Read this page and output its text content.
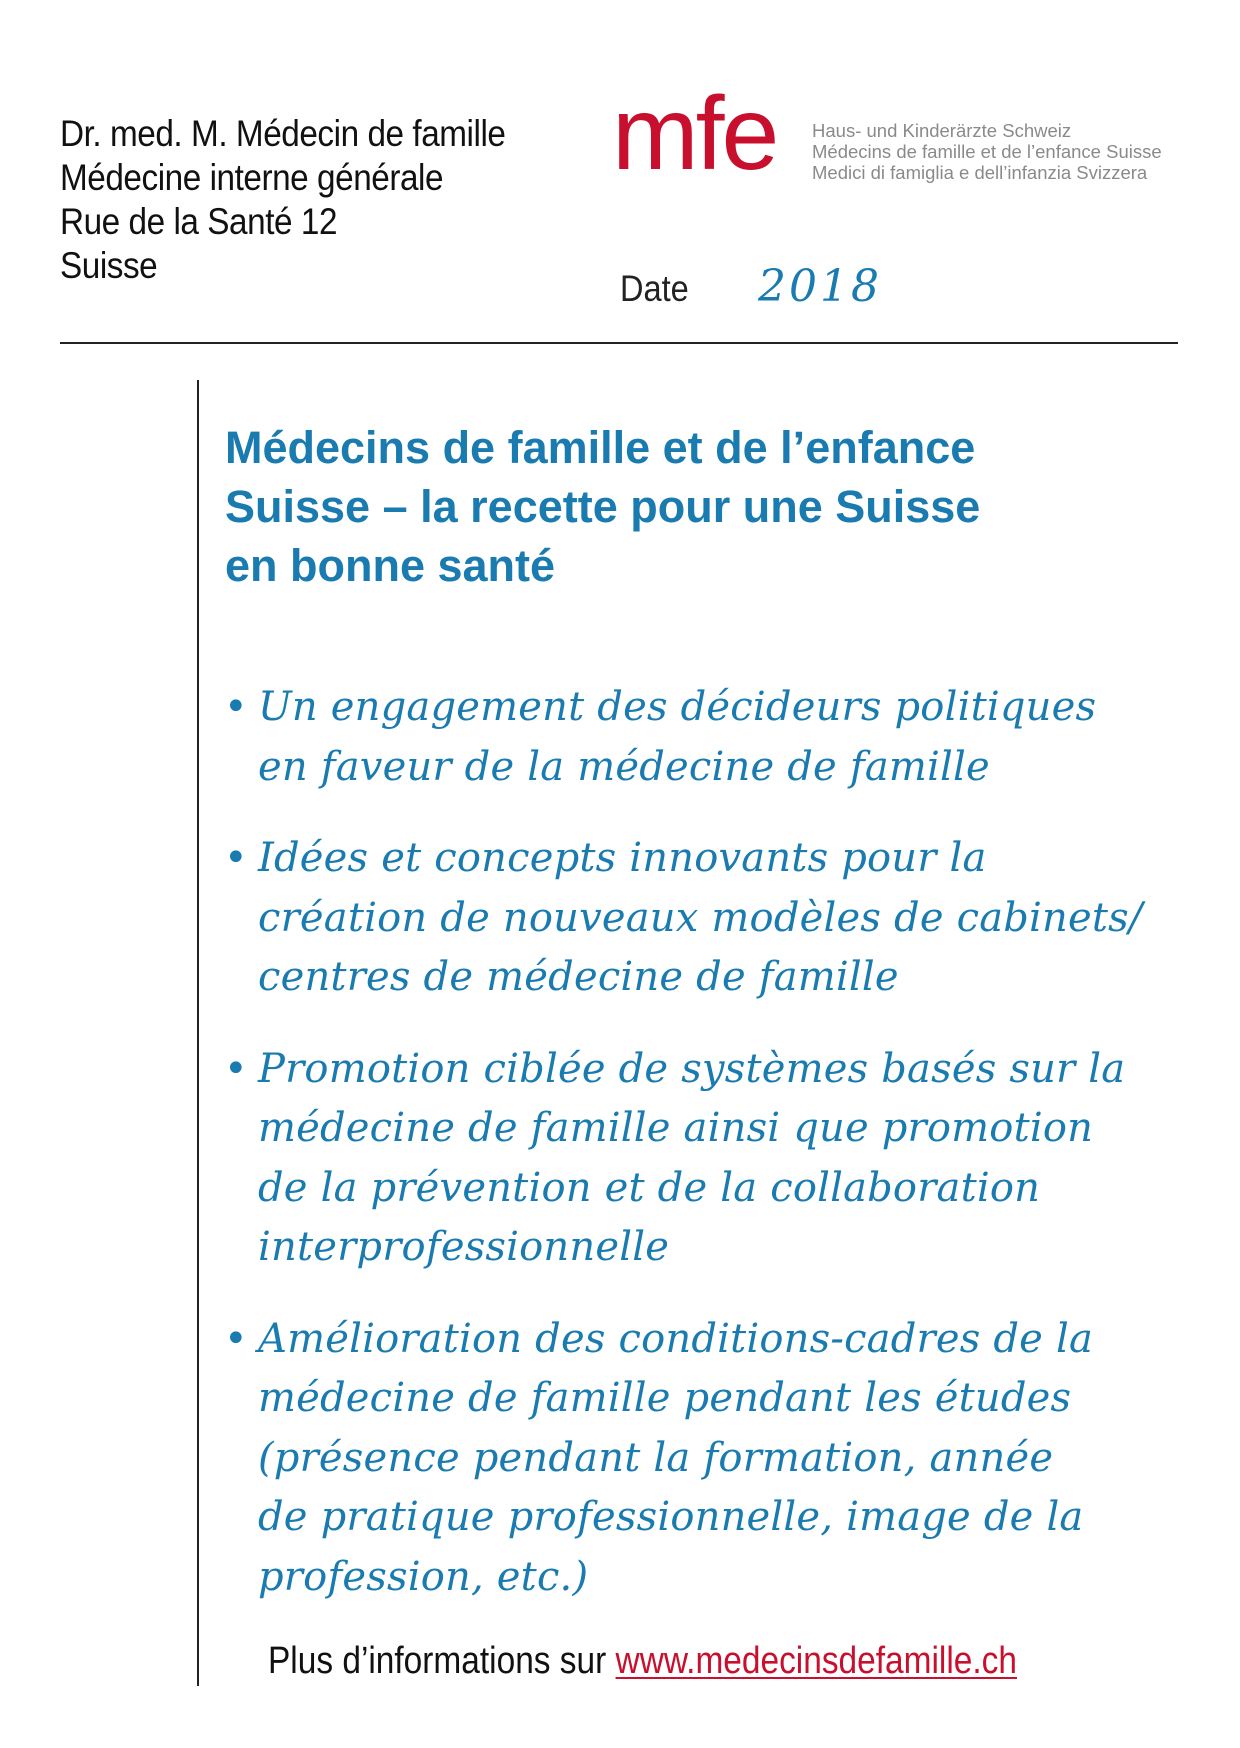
Dr. med. M. Médecin de famille
Médecine interne générale
Rue de la Santé 12
Suisse
mfe Haus- und Kinderärzte Schweiz
Médecins de famille et de l’enfance Suisse
Medici di famiglia e dell’infanzia Svizzera
Date 2018
Médecins de famille et de l’enfance
Suisse – la recette pour une Suisse
en bonne santé
• Un engagement des décideurs politiques
en faveur de la médecine de famille
• Idées et concepts innovants pour la
création de nouveaux modèles de cabinets/
centres de médecine de famille
• Promotion ciblée de systèmes basés sur la
médecine de famille ainsi que promotion
de la prévention et de la collaboration
interprofessionnelle
• Amélioration des conditions-cadres de la
médecine de famille pendant les études
(présence pendant la formation, année
de pratique professionnelle, image de la
profession, etc.)
Plus d’informations sur www.medecinsdefamille.ch
